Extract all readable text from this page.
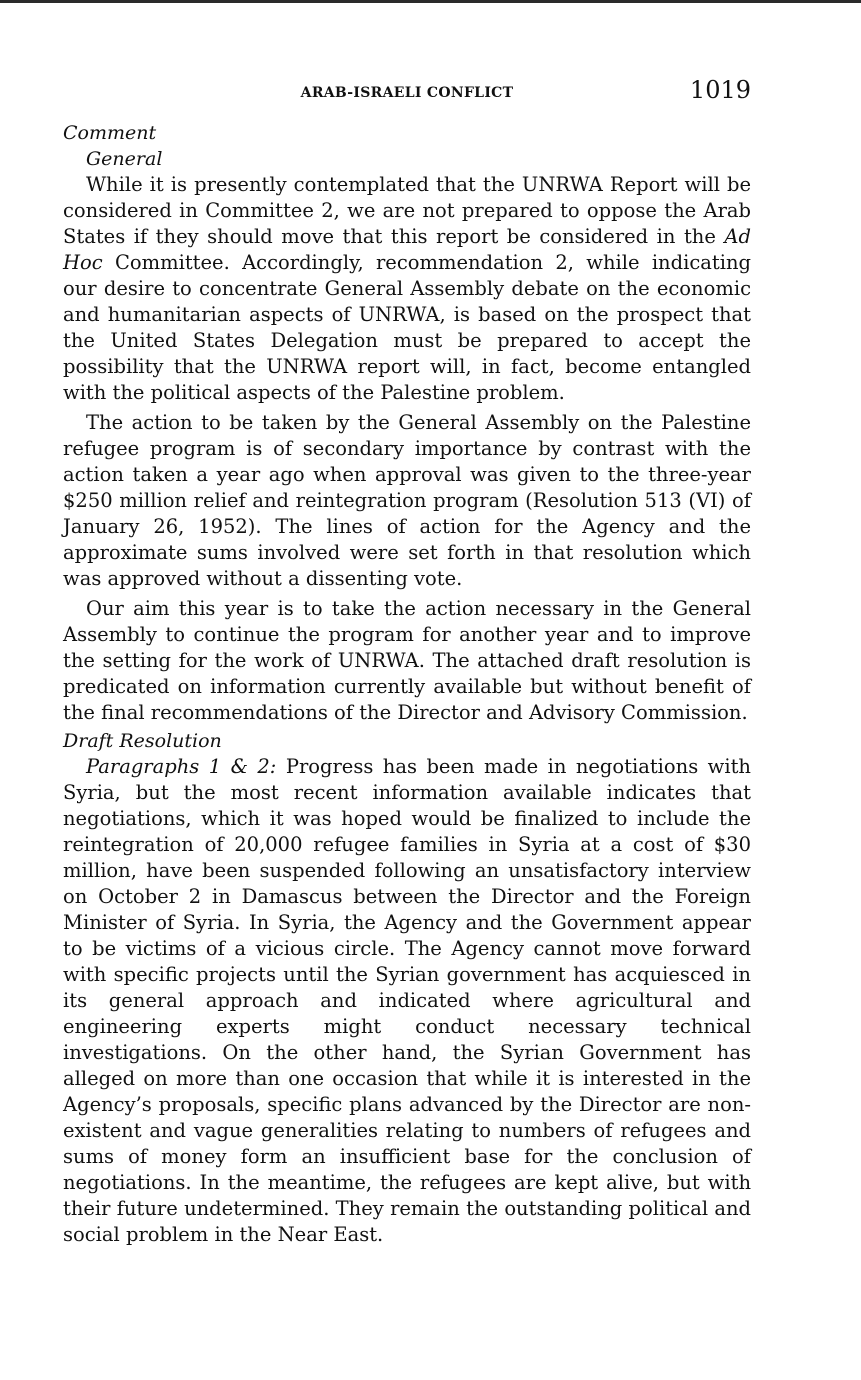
ARAB-ISRAELI CONFLICT	1019

Comment

General

While it is presently contemplated that the UNRWA Report will be considered in Committee 2, we are not prepared to oppose the Arab States if they should move that this report be considered in the Ad Hoc Committee. Accordingly, recommendation 2, while indicating our desire to concentrate General Assembly debate on the economic and humanitarian aspects of UNRWA, is based on the prospect that the United States Delegation must be prepared to accept the possibility that the UNRWA report will, in fact, become entangled with the political aspects of the Palestine problem.

The action to be taken by the General Assembly on the Palestine refugee program is of secondary importance by contrast with the action taken a year ago when approval was given to the three-year $250 million relief and reintegration program (Resolution 513 (VI) of January 26, 1952). The lines of action for the Agency and the approximate sums involved were set forth in that resolution which was approved without a dissenting vote.

Our aim this year is to take the action necessary in the General Assembly to continue the program for another year and to improve the setting for the work of UNRWA. The attached draft resolution is predicated on information currently available but without benefit of the final recommendations of the Director and Advisory Commission.

Draft Resolution

Paragraphs 1 & 2: Progress has been made in negotiations with Syria, but the most recent information available indicates that negotiations, which it was hoped would be finalized to include the reintegration of 20,000 refugee families in Syria at a cost of $30 million, have been suspended following an unsatisfactory interview on October 2 in Damascus between the Director and the Foreign Minister of Syria. In Syria, the Agency and the Government appear to be victims of a vicious circle. The Agency cannot move forward with specific projects until the Syrian government has acquiesced in its general approach and indicated where agricultural and engineering experts might conduct necessary technical investigations. On the other hand, the Syrian Government has alleged on more than one occasion that while it is interested in the Agency’s proposals, specific plans advanced by the Director are non-existent and vague generalities relating to numbers of refugees and sums of money form an insufficient base for the conclusion of negotiations. In the meantime, the refugees are kept alive, but with their future undetermined. They remain the outstanding political and social problem in the Near East.
